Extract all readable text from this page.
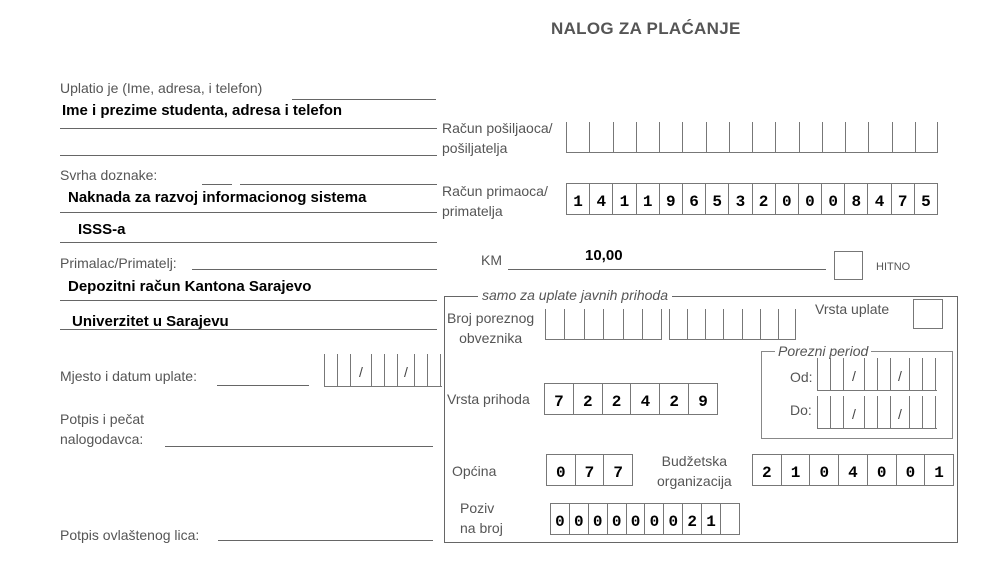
NALOG ZA PLAĆANJE
Uplatio je (Ime, adresa, i telefon)
Ime i prezime studenta, adresa i telefon
Svrha doznake:
Naknada za razvoj informacionog sistema
ISSS-a
Primalac/Primatelj:
Depozitni račun Kantona Sarajevo
Univerzitet u Sarajevu
Mjesto i datum uplate:	/	/
Potpis i pečat
nalogodavca:
Potpis ovlaštenog lica:
Račun pošiljaoca/
pošiljatelja
Račun primaoca/
primatelja	1 4 1 1 9 6 5 3 2 0 0 0 8 4 7 5
KM	10,00
HITNO
samo za uplate javnih prihoda
Broj poreznog
obveznika
Vrsta uplate
Porezni period
Od:	/	/
Do:	/	/
Vrsta prihoda	7	2	2	4	2	9
Općina	0	7	7
Budžetska
organizacija	2	1	0	4	0	0	1
Poziv
na broj	0 0 0 0 0 0 0 2 1
